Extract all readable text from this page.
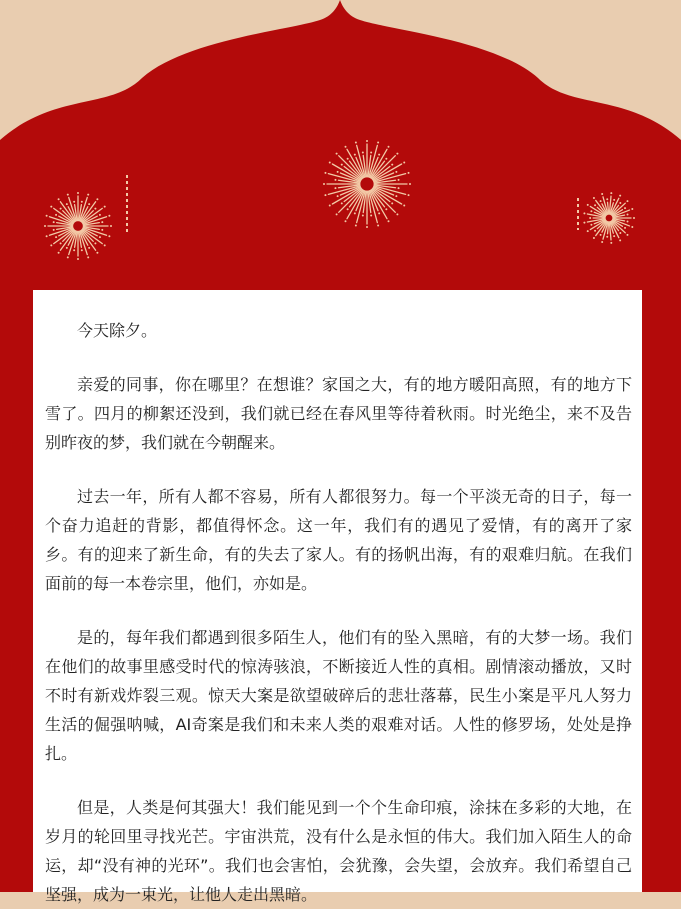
今天除夕。

亲爱的同事，你在哪里？在想谁？家国之大，有的地方暖阳高照，有的地方下雪了。四月的柳絮还没到，我们就已经在春风里等待着秋雨。时光绝尘，来不及告别昨夜的梦，我们就在今朝醒来。

过去一年，所有人都不容易，所有人都很努力。每一个平淡无奇的日子，每一个奋力追赶的背影，都值得怀念。这一年，我们有的遇见了爱情，有的离开了家乡。有的迎来了新生命，有的失去了家人。有的扬帆出海，有的艰难归航。在我们面前的每一本卷宗里，他们，亦如是。

是的，每年我们都遇到很多陌生人，他们有的坠入黑暗，有的大梦一场。我们在他们的故事里感受时代的惊涛骇浪，不断接近人性的真相。剧情滚动播放，又时不时有新戏炸裂三观。惊天大案是欲望破碎后的悲壮落幕，民生小案是平凡人努力生活的倔强呐喊，AI奇案是我们和未来人类的艰难对话。人性的修罗场，处处是挣扎。

但是，人类是何其强大！我们能见到一个个生命印痕，涂抹在多彩的大地，在岁月的轮回里寻找光芒。宇宙洪荒，没有什么是永恒的伟大。我们加入陌生人的命运，却“没有神的光环”。我们也会害怕，会犹豫，会失望，会放弃。我们希望自己坚强，成为一束光，让他人走出黑暗。
